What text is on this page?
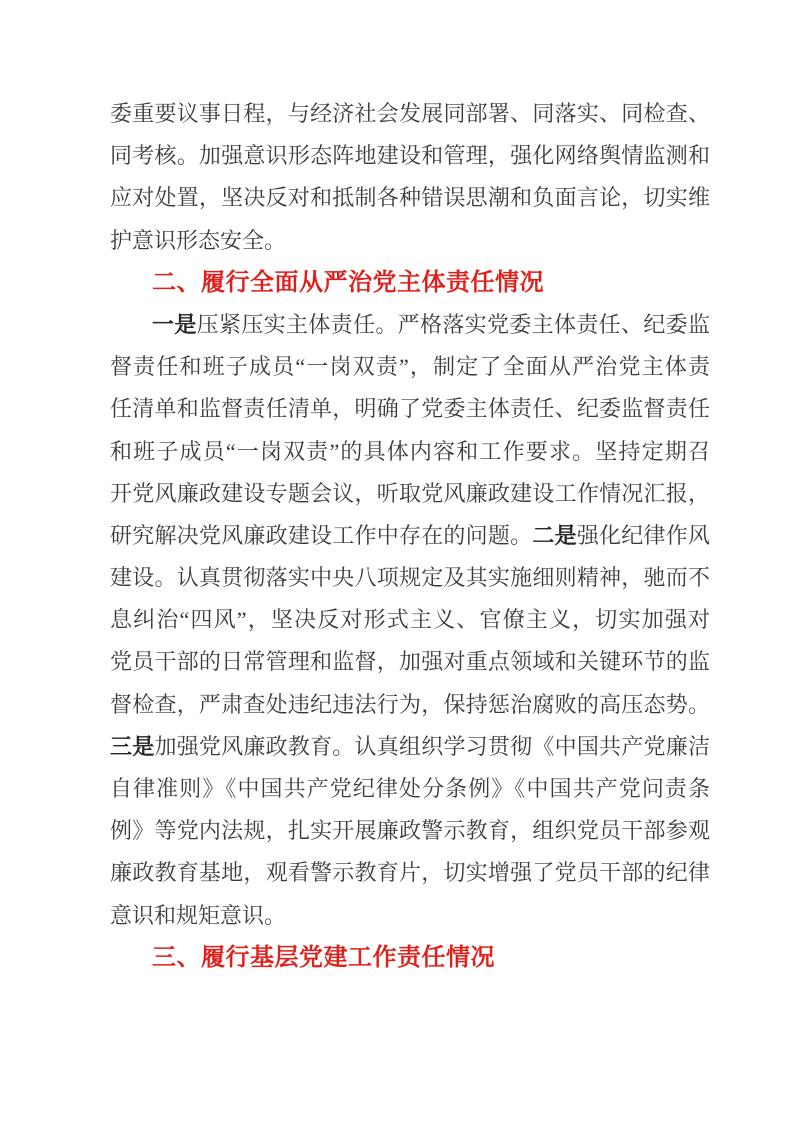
委重要议事日程，与经济社会发展同部署、同落实、同检查、
同考核。加强意识形态阵地建设和管理，强化网络舆情监测和
应对处置，坚决反对和抵制各种错误思潮和负面言论，切实维
护意识形态安全。
二、履行全面从严治党主体责任情况
一是压紧压实主体责任。严格落实党委主体责任、纪委监
督责任和班子成员“一岗双责”，制定了全面从严治党主体责
任清单和监督责任清单，明确了党委主体责任、纪委监督责任
和班子成员“一岗双责”的具体内容和工作要求。坚持定期召
开党风廉政建设专题会议，听取党风廉政建设工作情况汇报，
研究解决党风廉政建设工作中存在的问题。二是强化纪律作风
建设。认真贯彻落实中央八项规定及其实施细则精神，驰而不
息纠治“四风”，坚决反对形式主义、官僚主义，切实加强对
党员干部的日常管理和监督，加强对重点领域和关键环节的监
督检查，严肃查处违纪违法行为，保持惩治腐败的高压态势。
三是加强党风廉政教育。认真组织学习贯彻《中国共产党廉洁
自律准则》《中国共产党纪律处分条例》《中国共产党问责条
例》等党内法规，扎实开展廉政警示教育，组织党员干部参观
廉政教育基地，观看警示教育片，切实增强了党员干部的纪律
意识和规矩意识。
三、履行基层党建工作责任情况
